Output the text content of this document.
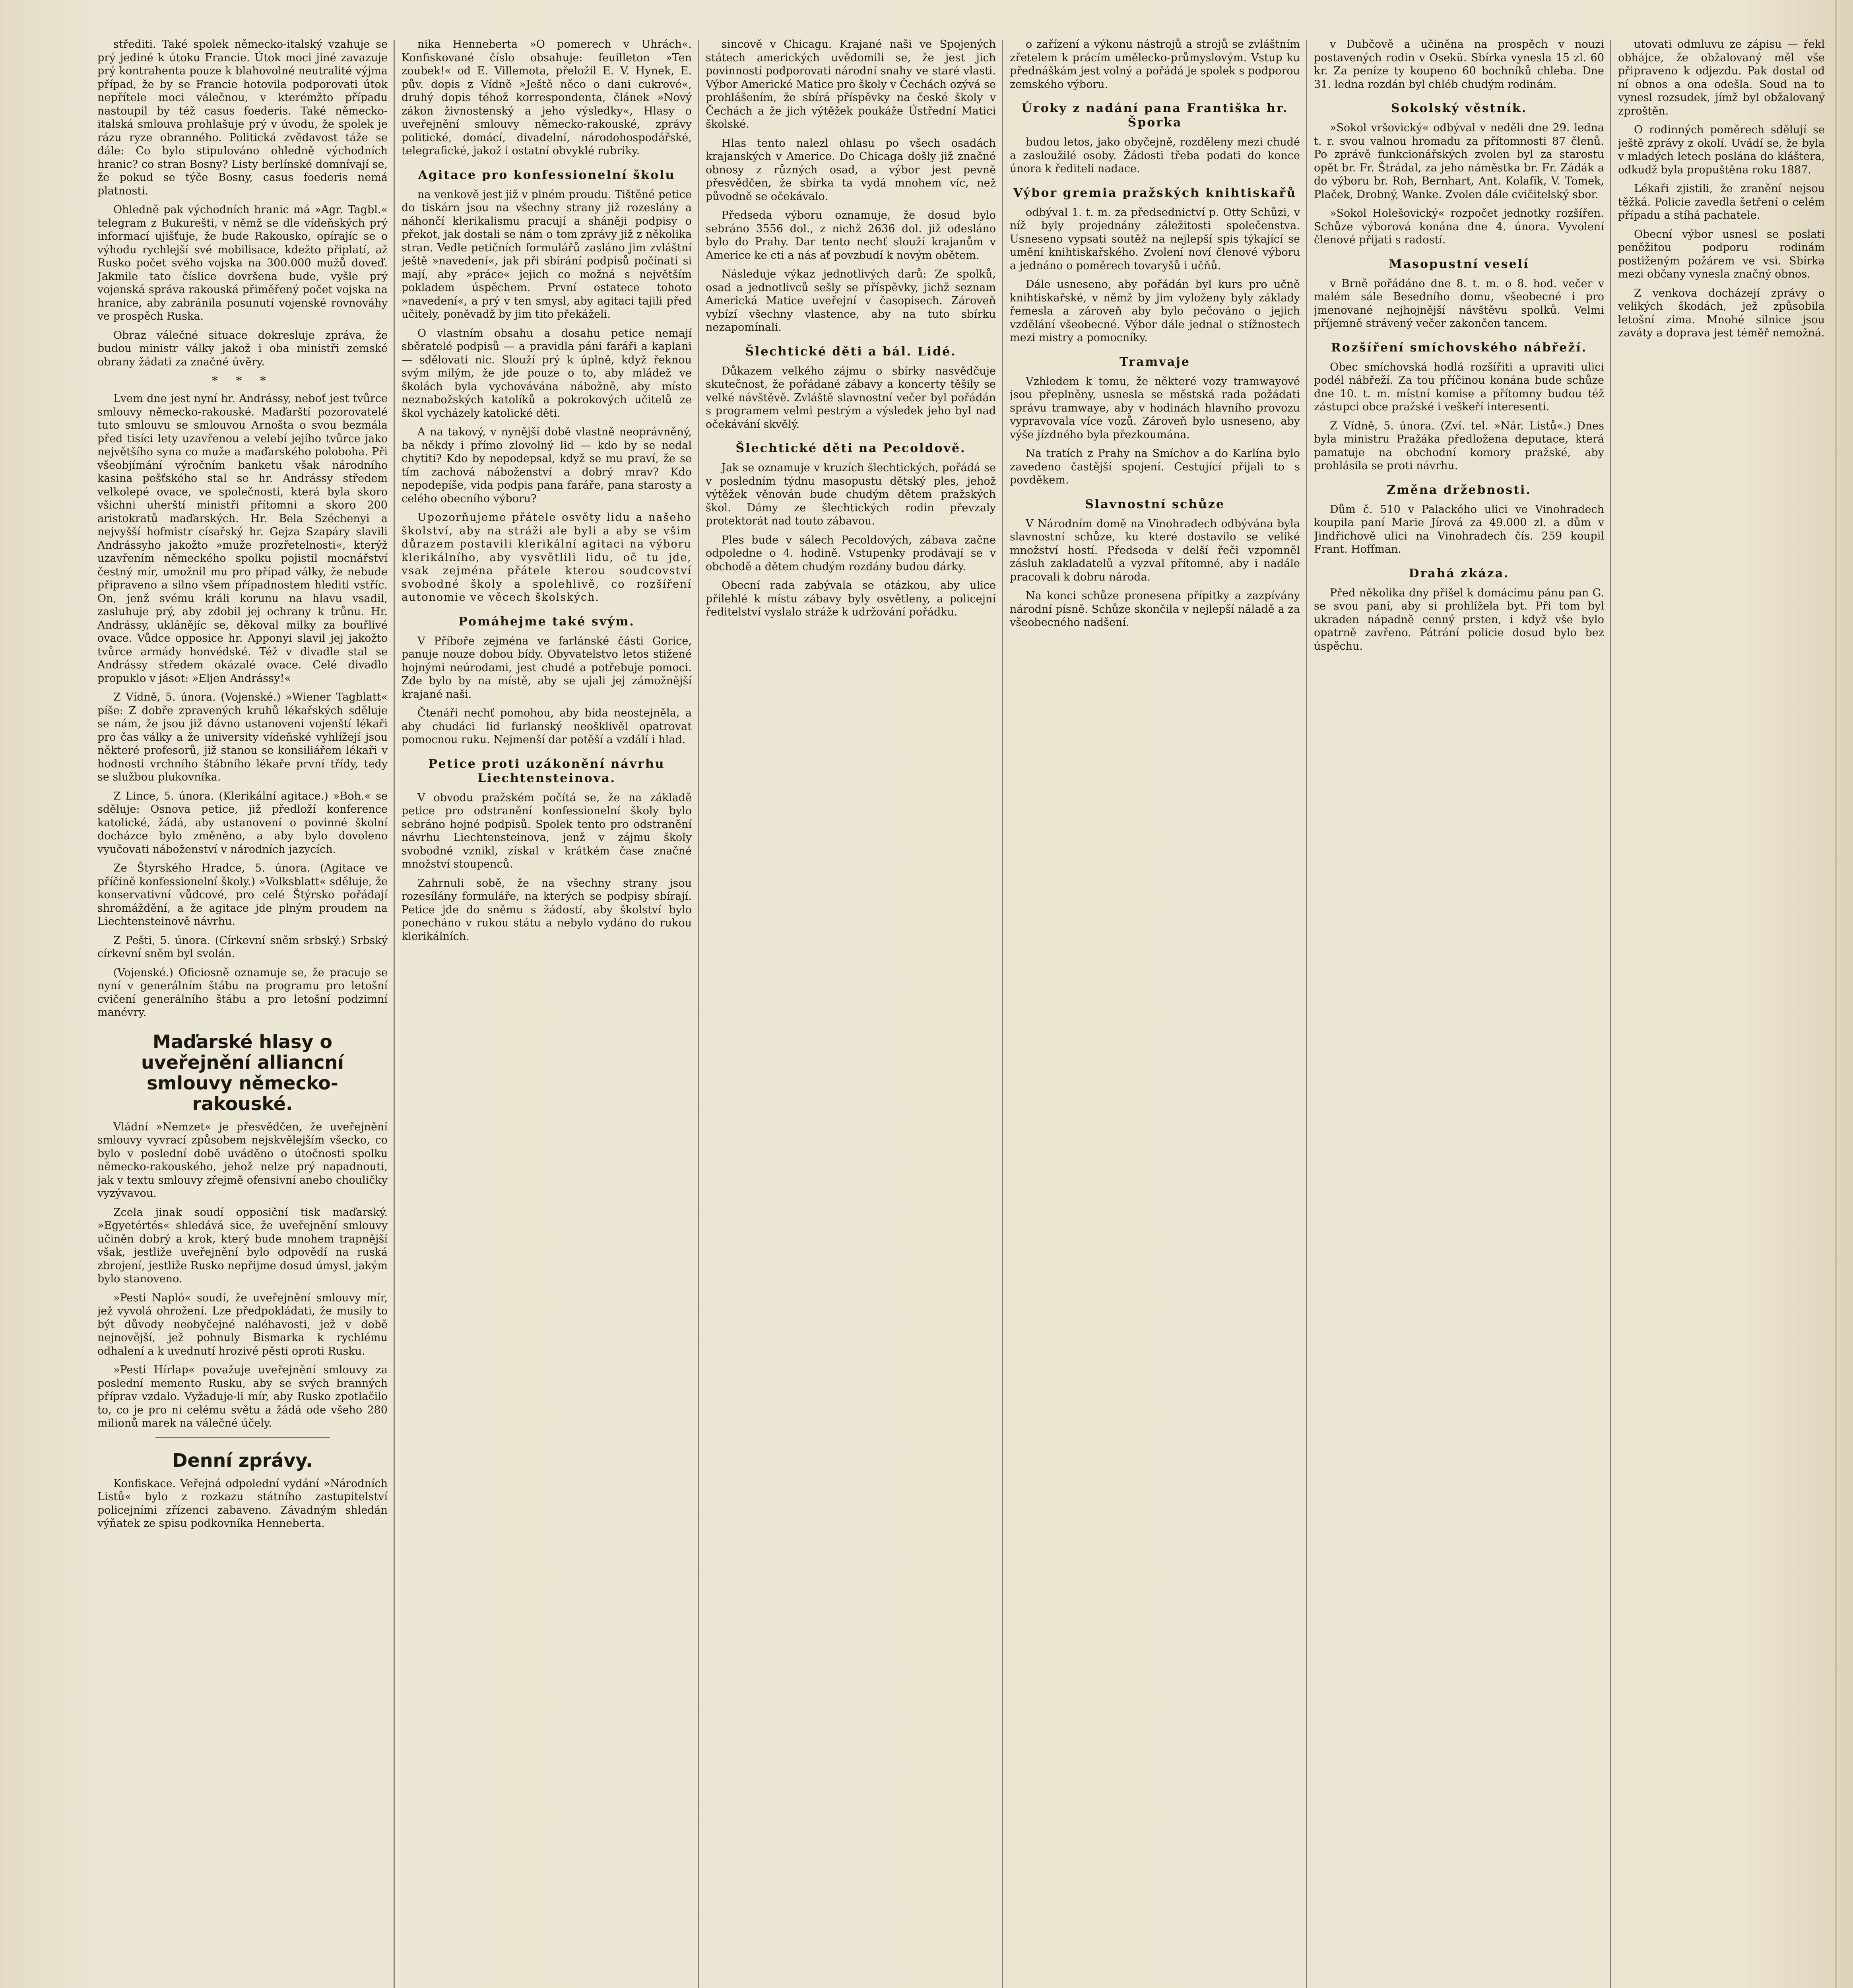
střediti. Také spolek německo-italský vzahuje se prý jediné k útoku Francie. Útok moci jiné zavazuje prý kontrahenta pouze k blahovolné neutralité výjma případ, že by se Francie hotovila podporovati útok nepřítele moci válečnou, v kterémžto případu nastoupil by též casus foederis. Také německo-italská smlouva prohlašuje prý v úvodu, že spolek je rázu ryze obranného. Politická zvědavost táže se dále: Co bylo stipulováno ohledně východních hranic? co stran Bosny? Listy berlínské domnívají se, že pokud se týče Bosny, casus foederis nemá platnosti.

Ohledně pak východních hranic má »Agr. Tagbl.« telegram z Bukurešti, v němž se dle vídeňských prý informací ujišťuje, že bude Rakousko, opírajíc se o výhodu rychlejší své mobilisace, kdežto připlatí, až Rusko počet svého vojska na 300.000 mužů doveď. Jakmile tato číslice dovršena bude, vyšle prý vojenská správa rakouská přiměřený počet vojska na hranice, aby zabránila posunutí vojenské rovnováhy ve prospěch Ruska.

Obraz válečné situace dokresluje zpráva, že budou ministr války jakož i oba ministři zemské obrany žádati za značné úvěry.

* * *

Lvem dne jest nyní hr. Andrássy, neboť jest tvůrce smlouvy německo-rakouské. Maďarští pozorovatelé tuto smlouvu se smlouvou Arnošta o svou bezmála před tisíci lety uzavřenou a velebí jejího tvůrce jako největšího syna co muže a maďarského poloboha. Při všeobjímání výročním banketu však národního kasina pešťského stal se hr. Andrássy středem velkolepé ovace, ve společnosti, která byla skoro všichni uherští ministři přítomni a skoro 200 aristokratů maďarských. Hr. Bela Széchenyi a nejvyšší hofmistr císařský hr. Gejza Szapáry slavili Andrássyho jakožto »muže prozřetelnosti«, kterýž uzavřením německého spolku pojistil mocnářství čestný mír, umožnil mu pro případ války, že nebude připraveno a silno všem případnostem hlediti vstříc. On, jenž svému králi korunu na hlavu vsadil, zasluhuje prý, aby zdobil jej ochrany k trůnu. Hr. Andrássy, uklánějíc se, děkoval milky za bouřlivé ovace. Vůdce opposice hr. Apponyi slavil jej jakožto tvůrce armády honvédské. Též v divadle stal se Andrássy středem okázalé ovace. Celé divadlo propuklo v jásot: »Eljen Andrássy!«

Z Vídně, 5. února. (Vojenské.) »Wiener Tagblatt« píše: Z dobře zpravených kruhů lékařských sděluje se nám, že jsou již dávno ustanoveni vojenští lékaři pro čas války a že university vídeňské vyhlížejí jsou některé profesorů, již stanou se konsiliářem lékaři v hodnosti vrchního štábního lékaře první třídy, tedy se službou plukovníka.

Z Lince, 5. února. (Klerikální agitace.) »Boh.« se sděluje: Osnova petice, již předloží konference katolické, žádá, aby ustanovení o povinné školní docházce bylo změněno, a aby bylo dovoleno vyučovati náboženství v národních jazycích.

Ze Štyrského Hradce, 5. února. (Agitace ve příčině konfessionelní školy.) »Volksblatt« sděluje, že konservativní vůdcové, pro celé Štýrsko pořádají shromáždění, a že agitace jde plným proudem na Liechtensteinově návrhu.

Z Pešti, 5. února. (Církevní sněm srbský.) Srbský církevní sněm byl svolán.

(Vojenské.) Oficiosně oznamuje se, že pracuje se nyní v generálním štábu na programu pro letošní cvičení generálního štábu a pro letošní podzimní manévry.

Maďarské hlasy o uveřejnění alliancní smlouvy německo-rakouské.

Vládní »Nemzet« je přesvědčen, že uveřejnění smlouvy vyvrací způsobem nejskvělejším všecko, co bylo v poslední době uváděno o útočnosti spolku německo-rakouského, jehož nelze prý napadnouti, jak v textu smlouvy zřejmě ofensivní anebo chouličky vyzývavou.

Zcela jinak soudí opposiční tisk maďarský. »Egyetértés« shledává sice, že uveřejnění smlouvy učiněn dobrý a krok, který bude mnohem trapnější však, jestliže uveřejnění bylo odpovědí na ruská zbrojení, jestliže Rusko nepřijme dosud úmysl, jakým bylo stanoveno.

»Pesti Napló« soudí, že uveřejnění smlouvy mír, jež vyvolá ohrožení. Lze předpokládati, že musily to být důvody neobyčejné naléhavosti, jež v době nejnovější, jež pohnuly Bismarka k rychlému odhalení a k uvednutí hrozivé pěsti oproti Rusku.

»Pesti Hírlap« považuje uveřejnění smlouvy za poslední memento Rusku, aby se svých branných příprav vzdalo. Vyžaduje-li mír, aby Rusko zpotlačilo to, co je pro ni celému světu a žádá ode všeho 280 milionů marek na válečné účely.

Denní zprávy.

Konfiskace. Veřejná odpolední vydání »Národních Listů« bylo z rozkazu státního zastupitelství policejními zřízenci zabaveno. Závadným shledán výňatek ze spisu podkovníka Henneberta.

nika Henneberta »O pomerech v Uhrách«. Konfiskované číslo obsahuje: feuilleton »Ten zoubek!« od E. Villemota, přeložil E. V. Hynek, E. pův. dopis z Vídně »Ještě něco o dani cukrové«, druhý dopis téhož korrespondenta, článek »Nový zákon živnostenský a jeho výsledky«, Hlasy o uveřejnění smlouvy německo-rakouské, zprávy politické, domácí, divadelní, národohospodářské, telegrafické, jakož i ostatní obvyklé rubriky.

Agitace pro konfessionelní školu

na venkově jest již v plném proudu. Tištěné petice do tiskárn jsou na všechny strany již rozeslány a náhončí klerikalismu pracují a sháněji podpisy o překot, jak dostali se nám o tom zprávy již z několika stran. Vedle petičních formulářů zasláno jim zvláštní ještě »navedení«, jak při sbírání podpisů počínati si mají, aby »práce« jejich co možná s největším pokladem úspěchem. První ostatece tohoto »navedení«, a prý v ten smysl, aby agitaci tajili před učitely, poněvadž by jim tito překáželi.

O vlastním obsahu a dosahu petice nemají sběratelé podpisů — a pravidla páni faráři a kaplani — sdělovati nic. Slouží prý k úplně, když řeknou svým milým, že jde pouze o to, aby mládež ve školách byla vychovávána nábožně, aby místo neznabožských katolíků a pokrokových učitelů ze škol vycházely katolické děti.

A na takový, v nynější době vlastně neoprávněný, ba někdy i přímo zlovolný lid — kdo by se nedal chytiti? Kdo by nepodepsal, když se mu praví, že se tím zachová náboženství a dobrý mrav? Kdo nepodepíše, vida podpis pana faráře, pana starosty a celého obecního výboru?

Upozorňujeme přátele osvěty lidu a našeho školství, aby na stráži ale byli a aby se všim důrazem postavili klerikální agitaci na výboru klerikálního, aby vysvětlili lidu, oč tu jde, vsak zejména přátele kterou soudcovství svobodné školy a spolehlivě, co rozšíření autonomie ve věcech školských.

Pomáhejme také svým.

V Příboře zejména ve farlánské části Gorice, panuje nouze dobou bídy. Obyvatelstvo letos stižené hojnými neúrodami, jest chudé a potřebuje pomoci. Zde bylo by na místě, aby se ujali jej zámožnější krajané naši.

Čtenáři nechť pomohou, aby bída neostejněla, a aby chudáci lid furlanský neošklivěl opatrovat pomocnou ruku. Nejmenší dar potěší a vzdálí i hlad.

Petice proti uzákonění návrhu Liechtensteinova.

V obvodu pražském počítá se, že na základě petice pro odstranění konfessionelní školy bylo sebráno hojné podpisů. Spolek tento pro odstranění návrhu Liechtensteinova, jenž v zájmu školy svobodné vznikl, získal v krátkém čase značné množství stoupenců.

Zahrnuli sobě, že na všechny strany jsou rozesílány formuláře, na kterých se podpisy sbírají. Petice jde do sněmu s žádostí, aby školství bylo ponecháno v rukou státu a nebylo vydáno do rukou klerikálních.

sincově v Chicagu. Krajané naši ve Spojených státech amerických uvědomili se, že jest jich povinností podporovati národní snahy ve staré vlasti. Výbor Americké Matice pro školy v Čechách ozývá se prohlášením, že sbírá příspěvky na české školy v Čechách a že jich výtěžek poukáže Ústřední Matici školské.

Hlas tento nalezl ohlasu po všech osadách krajanských v Americe. Do Chicaga došly již značné obnosy z různých osad, a výbor jest pevně přesvědčen, že sbírka ta vydá mnohem víc, než původně se očekávalo.

Předseda výboru oznamuje, že dosud bylo sebráno 3556 dol., z nichž 2636 dol. již odesláno bylo do Prahy. Dar tento nechť slouží krajanům v Americe ke cti a nás ať povzbudí k novým obětem.

Následuje výkaz jednotlivých darů: Ze spolků, osad a jednotlivců sešly se příspěvky, jichž seznam Americká Matice uveřejní v časopisech. Zároveň vybízí všechny vlastence, aby na tuto sbírku nezapomínali.

Šlechtické děti a bál. Lidé.

Důkazem velkého zájmu o sbírky nasvědčuje skutečnost, že pořádané zábavy a koncerty těšily se velké návštěvě. Zvláště slavnostní večer byl pořádán s programem velmi pestrým a výsledek jeho byl nad očekávání skvělý.

Šlechtické děti na Pecoldově.

Jak se oznamuje v kruzích šlechtických, pořádá se v posledním týdnu masopustu dětský ples, jehož výtěžek věnován bude chudým dětem pražských škol. Dámy ze šlechtických rodin převzaly protektorát nad touto zábavou.

Ples bude v sálech Pecoldových, zábava začne odpoledne o 4. hodině. Vstupenky prodávají se v obchodě a dětem chudým rozdány budou dárky.

Obecní rada zabývala se otázkou, aby ulice přilehlé k místu zábavy byly osvětleny, a policejní ředitelství vyslalo stráže k udržování pořádku.

o zařízení a výkonu nástrojů a strojů se zvláštním zřetelem k prácím umělecko-průmyslovým. Vstup ku přednáškám jest volný a pořádá je spolek s podporou zemského výboru.

Úroky z nadání pana Františka hr. Šporka

budou letos, jako obyčejně, rozděleny mezi chudé a zasloužilé osoby. Žádosti třeba podati do konce února k řediteli nadace.

Výbor gremia pražských knihtiskařů

odbýval 1. t. m. za předsednictví p. Otty Schůzi, v níž byly projednány záležitosti společenstva. Usneseno vypsati soutěž na nejlepší spis týkající se umění knihtiskařského. Zvolení noví členové výboru a jednáno o poměrech tovaryšů i učňů.

Dále usneseno, aby pořádán byl kurs pro učně knihtiskařské, v němž by jim vyloženy byly základy řemesla a zároveň aby bylo pečováno o jejich vzdělání všeobecné. Výbor dále jednal o stížnostech mezi mistry a pomocníky.

Tramvaje

Vzhledem k tomu, že některé vozy tramwayové jsou přeplněny, usnesla se městská rada požádati správu tramwaye, aby v hodinách hlavního provozu vypravovala více vozů. Zároveň bylo usneseno, aby výše jízdného byla přezkoumána.

Na tratích z Prahy na Smíchov a do Karlína bylo zavedeno častější spojení. Cestující přijali to s povděkem.

Slavnostní schůze

V Národním domě na Vinohradech odbývána byla slavnostní schůze, ku které dostavilo se veliké množství hostí. Předseda v delší řeči vzpomněl zásluh zakladatelů a vyzval přítomné, aby i nadále pracovali k dobru národa.

Na konci schůze pronesena přípitky a zazpívány národní písně. Schůze skončila v nejlepší náladě a za všeobecného nadšení.

v Dubčově a učiněna na prospěch v nouzi postavených rodin v Osekü. Sbírka vynesla 15 zl. 60 kr. Za peníze ty koupeno 60 bochníků chleba. Dne 31. ledna rozdán byl chléb chudým rodinám.

Sokolský věstník.

»Sokol vršovický« odbýval v neděli dne 29. ledna t. r. svou valnou hromadu za přítomnosti 87 členů. Po zprávě funkcionářských zvolen byl za starostu opět br. Fr. Štrádal, za jeho náměstka br. Fr. Zádák a do výboru br. Roh, Bernhart, Ant. Kolafík, V. Tomek, Plaček, Drobný, Wanke. Zvolen dále cvičitelský sbor.

»Sokol Holešovický« rozpočet jednotky rozšířen. Schůze výborová konána dne 4. února. Vyvolení členové přijati s radostí.

Masopustní veselí

v Brně pořádáno dne 8. t. m. o 8. hod. večer v malém sále Besedního domu, všeobecné i pro jmenované nejhojnější návštěvu spolků. Velmi příjemně strávený večer zakončen tancem.

Rozšíření smíchovského nábřeží.

Obec smíchovská hodlá rozšířiti a upraviti ulici podél nábřeží. Za tou příčinou konána bude schůze dne 10. t. m. místní komise a přítomny budou též zástupci obce pražské i veškeří interesenti.

Z Vídně, 5. února. (Zví. tel. »Nár. Listů«.) Dnes byla ministru Pražáka předložena deputace, která pamatuje na obchodní komory pražské, aby prohlásila se proti návrhu.

Změna držebnosti.

Dům č. 510 v Palackého ulici ve Vinohradech koupila paní Marie Jírová za 49.000 zl. a dům v Jindřichově ulici na Vinohradech čís. 259 koupil Frant. Hoffman.

Drahá zkáza.

Před několika dny přišel k domácímu pánu pan G. se svou paní, aby si prohlížela byt. Při tom byl ukraden nápadně cenný prsten, i když vše bylo opatrně zavřeno. Pátrání policie dosud bylo bez úspěchu.

utovati odmluvu ze zápisu — řekl obhájce, že obžalovaný měl vše připraveno k odjezdu. Pak dostal od ní obnos a ona odešla. Soud na to vynesl rozsudek, jímž byl obžalovaný zproštěn.

O rodinných poměrech sdělují se ještě zprávy z okolí. Uvádí se, že byla v mladých letech poslána do kláštera, odkudž byla propuštěna roku 1887.

Lékaři zjistili, že zranění nejsou těžká. Policie zavedla šetření o celém případu a stíhá pachatele.

Obecní výbor usnesl se poslati peněžitou podporu rodinám postiženým požárem ve vsi. Sbírka mezi občany vynesla značný obnos.

Z venkova docházejí zprávy o velikých škodách, jež způsobila letošní zima. Mnohé silnice jsou zaváty a doprava jest téměř nemožná.
